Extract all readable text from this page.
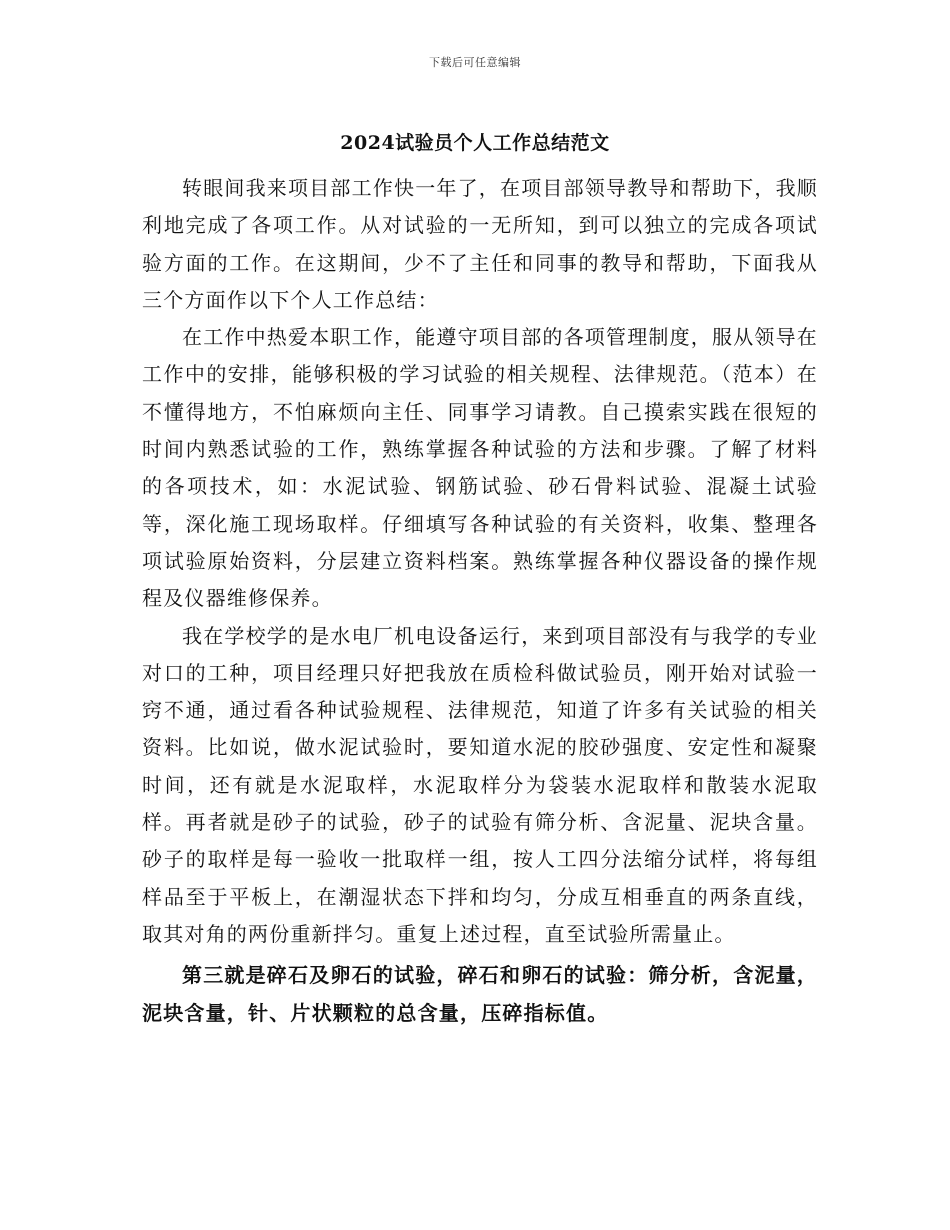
下载后可任意编辑
2024试验员个人工作总结范文

转眼间我来项目部工作快一年了，在项目部领导教导和帮助下，我顺利地完成了各项工作。从对试验的一无所知，到可以独立的完成各项试验方面的工作。在这期间，少不了主任和同事的教导和帮助，下面我从三个方面作以下个人工作总结：

在工作中热爱本职工作，能遵守项目部的各项管理制度，服从领导在工作中的安排，能够积极的学习试验的相关规程、法律规范。（范本）在不懂得地方，不怕麻烦向主任、同事学习请教。自己摸索实践在很短的时间内熟悉试验的工作，熟练掌握各种试验的方法和步骤。了解了材料的各项技术，如：水泥试验、钢筋试验、砂石骨料试验、混凝土试验等，深化施工现场取样。仔细填写各种试验的有关资料，收集、整理各项试验原始资料，分层建立资料档案。熟练掌握各种仪器设备的操作规程及仪器维修保养。

我在学校学的是水电厂机电设备运行，来到项目部没有与我学的专业对口的工种，项目经理只好把我放在质检科做试验员，刚开始对试验一窍不通，通过看各种试验规程、法律规范，知道了许多有关试验的相关资料。比如说，做水泥试验时，要知道水泥的胶砂强度、安定性和凝聚时间，还有就是水泥取样，水泥取样分为袋装水泥取样和散装水泥取样。再者就是砂子的试验，砂子的试验有筛分析、含泥量、泥块含量。砂子的取样是每一验收一批取样一组，按人工四分法缩分试样，将每组样品至于平板上，在潮湿状态下拌和均匀，分成互相垂直的两条直线，取其对角的两份重新拌匀。重复上述过程，直至试验所需量止。

第三就是碎石及卵石的试验，碎石和卵石的试验：筛分析，含泥量，泥块含量，针、片状颗粒的总含量，压碎指标值。
